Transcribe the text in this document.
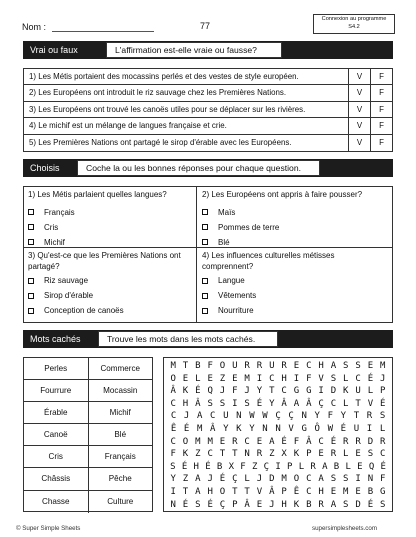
Nom :	77
Connexion au programme
S4.2
Vrai ou faux	L'affirmation est-elle vraie ou fausse?
1) Les Métis portaient des mocassins perlés et des vestes de style européen.	V	F
2) Les Européens ont introduit le riz sauvage chez les Premières Nations.	V	F
3) Les Européens ont trouvé les canoës utiles pour se déplacer sur les rivières.	V	F
4) Le michif est un mélange de langues française et crie.	V	F
5) Les Premières Nations ont partagé le sirop d'érable avec les Européens.	V	F
Choisis	Coche la ou les bonnes réponses pour chaque question.
1) Les Métis parlaient quelles langues?
Français
Cris
Michif
2) Les Européens ont appris à faire pousser?
Maïs
Pommes de terre
Blé
3) Qu'est-ce que les Premières Nations ont partagé?
Riz sauvage
Sirop d'érable
Conception de canoës
4) Les influences culturelles métisses comprennent?
Langue
Vêtements
Nourriture
Mots cachés	Trouve les mots dans les mots cachés.
Perles	Commerce
Fourrure	Mocassin
Érable	Michif
Canoë	Blé
Cris	Français
Châssis	Pêche
Chasse	Culture
M T B F O U R R U R E C H A S S E M
O E L E Z E M I C H I F V S L C É J
Â K É Q J F J Y T C G G I D K U L P
C H Â S S I S É Y Â A Â Ç C L T V É
C J A C U N W W Ç Ç N Y F Y T R S
Ê É M Â Y K Y N N V G Ô W É U I L
C O M M E R C E A É F Â C É R R D R
F K Z C T T N R Z X K P E R L E S C
S É H É B X F Z Ç I P L R A B L E Q É
Y Z A J É Ç L J D M O C A S S I N F
I T A H O T T V Â P Ê C H E M E B G
N É S É Ç P Â E J H K B R A S D É S
© Super Simple Sheets	supersimplesheets.com
